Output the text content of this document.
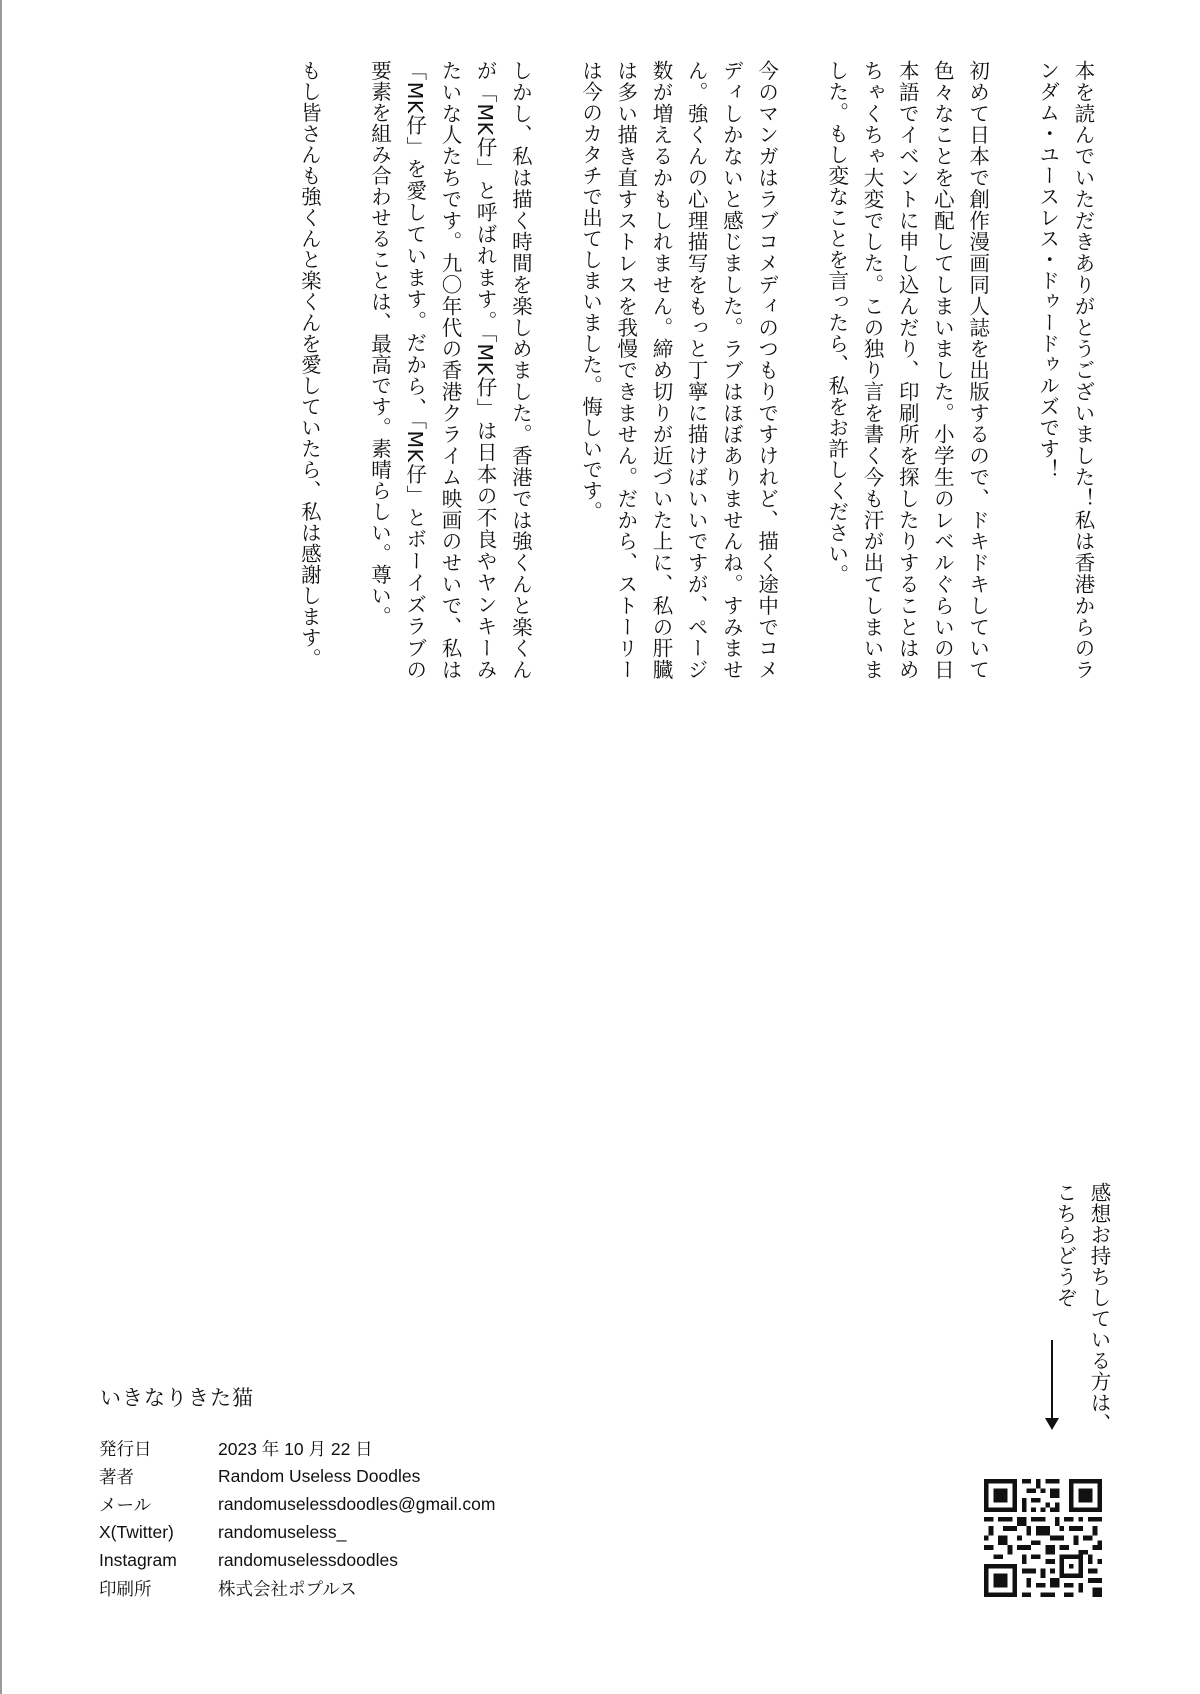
本を読んでいただきありがとうございました！私は香港からのランダム・ユースレス・ドゥードゥルズです！

初めて日本で創作漫画同人誌を出版するので、ドキドキしていて色々なことを心配してしまいました。小学生のレベルぐらいの日本語でイベントに申し込んだり、印刷所を探したりすることはめちゃくちゃ大変でした。この独り言を書く今も汗が出てしまいました。もし変なことを言ったら、私をお許しください。

今のマンガはラブコメディのつもりですけれど、描く途中でコメディしかないと感じました。ラブはほぼありませんね。すみません。強くんの心理描写をもっと丁寧に描けばいいですが、ページ数が増えるかもしれません。締め切りが近づいた上に、私の肝臓は多い描き直すストレスを我慢できません。だから、ストーリーは今のカタチで出てしまいました。悔しいです。

しかし、私は描く時間を楽しめました。香港では強くんと楽くんが「MK仔」と呼ばれます。「MK仔」は日本の不良やヤンキーみたいな人たちです。九〇年代の香港クライム映画のせいで、私は「MK仔」を愛しています。だから、「MK仔」とボーイズラブの要素を組み合わせることは、最高です。素晴らしい。尊い。

もし皆さんも強くんと楽くんを愛していたら、私は感謝します。

感想お持ちしている方は、
こちらどうぞ
いきなりきた猫
発行日	2023 年 10 月 22 日
著者	Random Useless Doodles
メール	randomuselessdoodles@gmail.com
X(Twitter)	randomuseless_
Instagram	randomuselessdoodles
印刷所	株式会社ポプルス
